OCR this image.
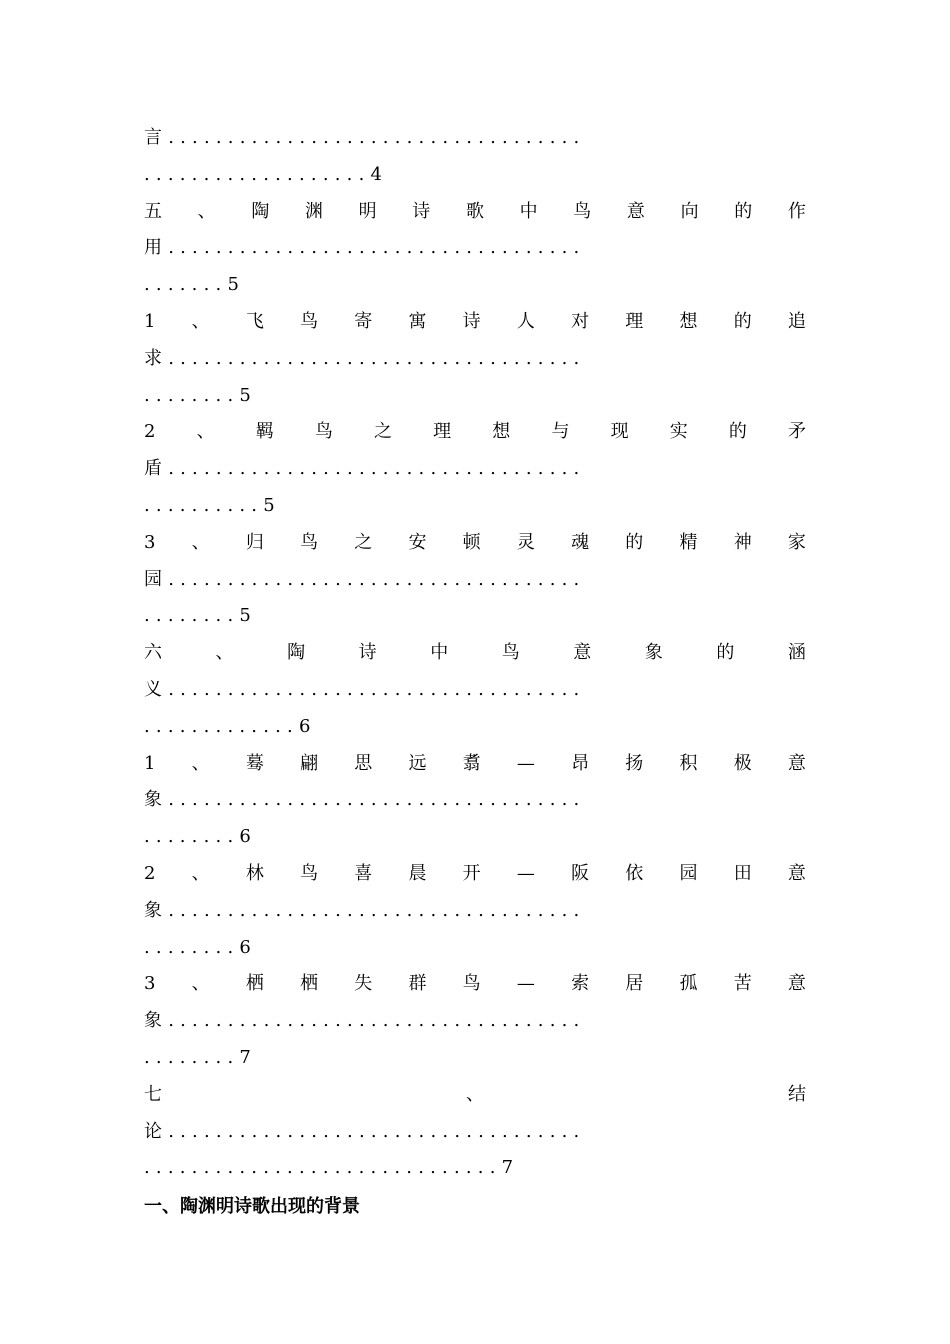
言...................................
...................4
五 、 陶 渊 明 诗 歌 中 鸟 意 向 的 作
用...................................
.......5
1 、 飞 鸟 寄 寓 诗 人 对 理 想 的 追
求...................................
........5
2 、 羁 鸟 之 理 想 与 现 实 的 矛
盾...................................
..........5
3 、 归 鸟 之 安 顿 灵 魂 的 精 神 家
园...................................
........5
六	、	陶	诗	中	鸟	意	象	的	涵
义...................................
.............6
1 、 蓦 翩 思 远 翥 — 昂 扬 积 极 意
象...................................
........6
2 、 林 鸟 喜 晨 开 — 阪 依 园 田 意
象...................................
........6
3 、 栖 栖 失 群 鸟 — 索 居 孤 苦 意
象...................................
........7
七	、	结
论...................................
..............................7
一、陶渊明诗歌出现的背景
